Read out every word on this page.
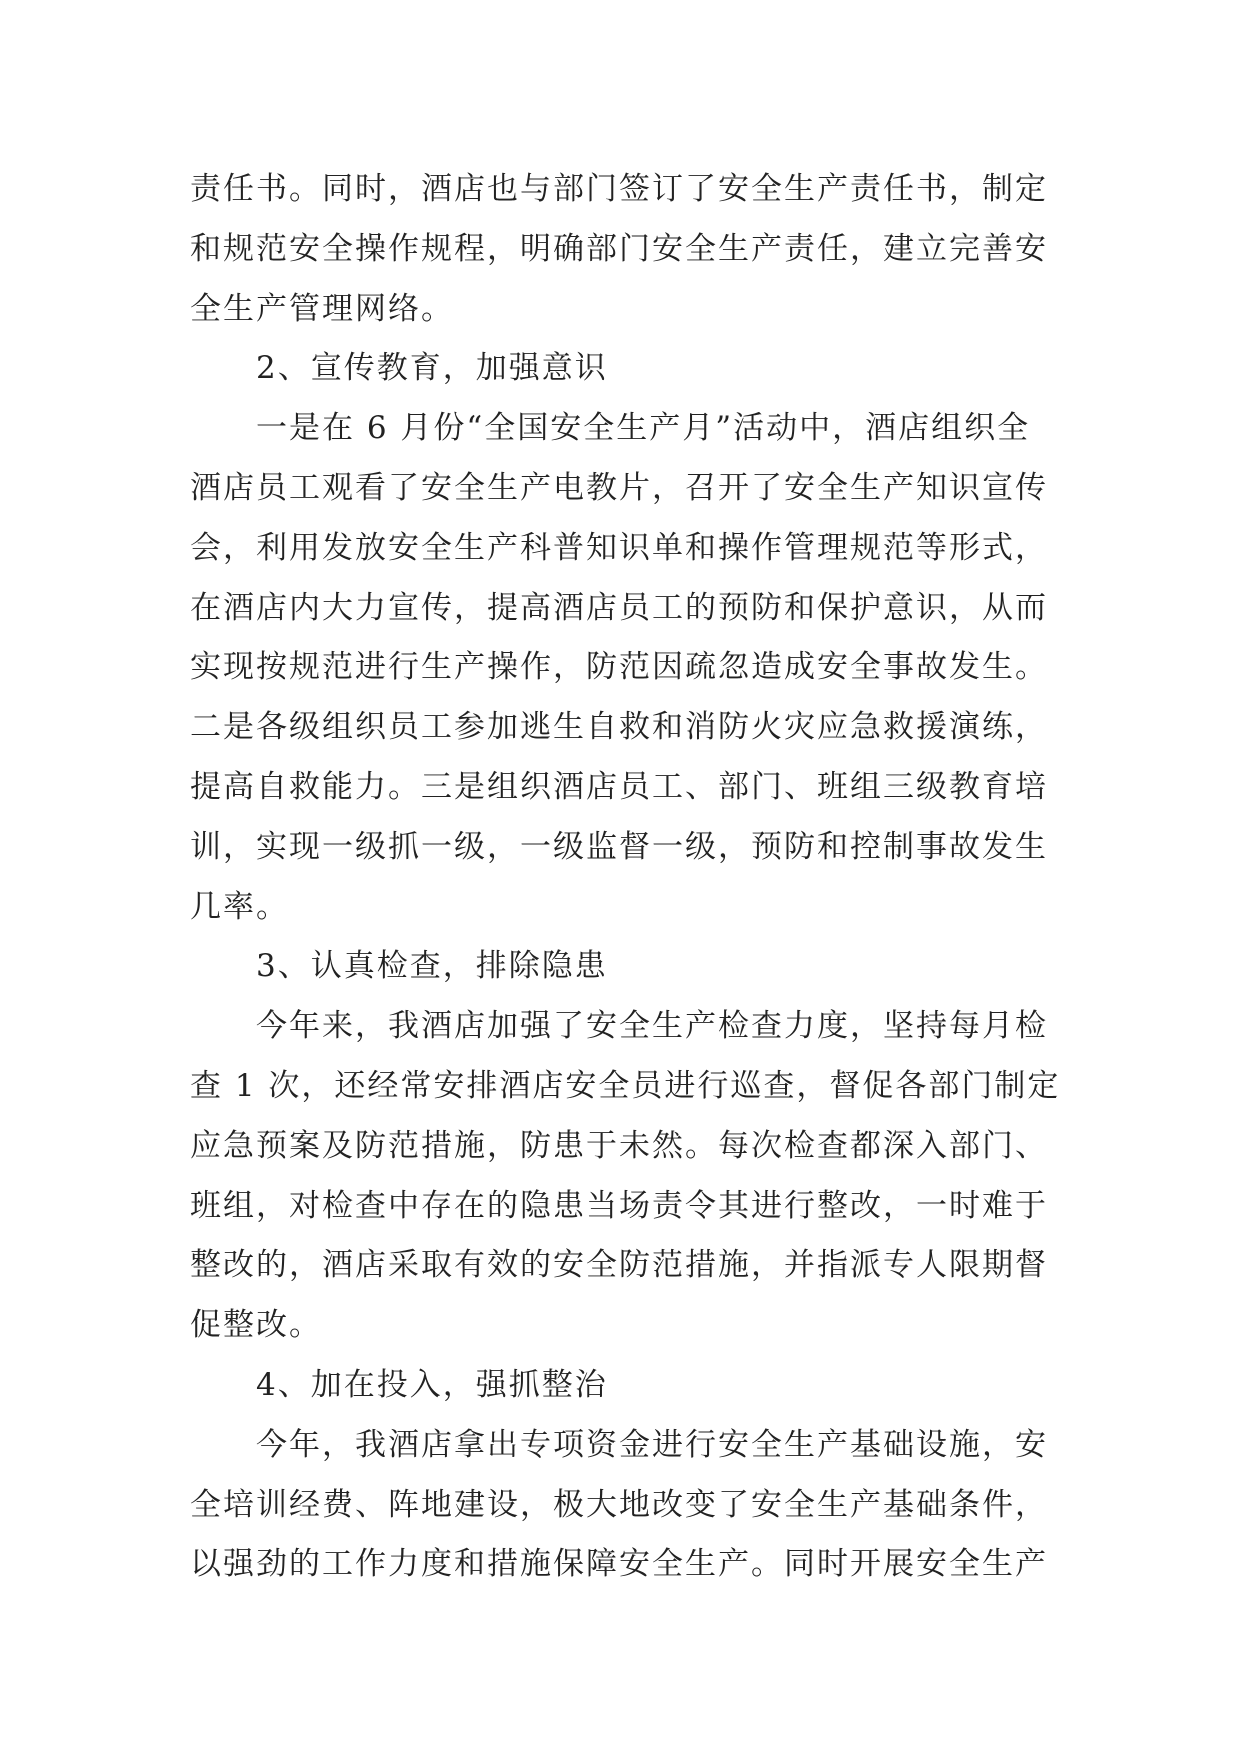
责任书。同时，酒店也与部门签订了安全生产责任书，制定
和规范安全操作规程，明确部门安全生产责任，建立完善安
全生产管理网络。
2、宣传教育，加强意识
一是在 6 月份“全国安全生产月”活动中，酒店组织全
酒店员工观看了安全生产电教片，召开了安全生产知识宣传
会，利用发放安全生产科普知识单和操作管理规范等形式，
在酒店内大力宣传，提高酒店员工的预防和保护意识，从而
实现按规范进行生产操作，防范因疏忽造成安全事故发生。
二是各级组织员工参加逃生自救和消防火灾应急救援演练，
提高自救能力。三是组织酒店员工、部门、班组三级教育培
训，实现一级抓一级，一级监督一级，预防和控制事故发生
几率。
3、认真检查，排除隐患
今年来，我酒店加强了安全生产检查力度，坚持每月检
查 1 次，还经常安排酒店安全员进行巡查，督促各部门制定
应急预案及防范措施，防患于未然。每次检查都深入部门、
班组，对检查中存在的隐患当场责令其进行整改，一时难于
整改的，酒店采取有效的安全防范措施，并指派专人限期督
促整改。
4、加在投入，强抓整治
今年，我酒店拿出专项资金进行安全生产基础设施，安
全培训经费、阵地建设，极大地改变了安全生产基础条件，
以强劲的工作力度和措施保障安全生产。同时开展安全生产
